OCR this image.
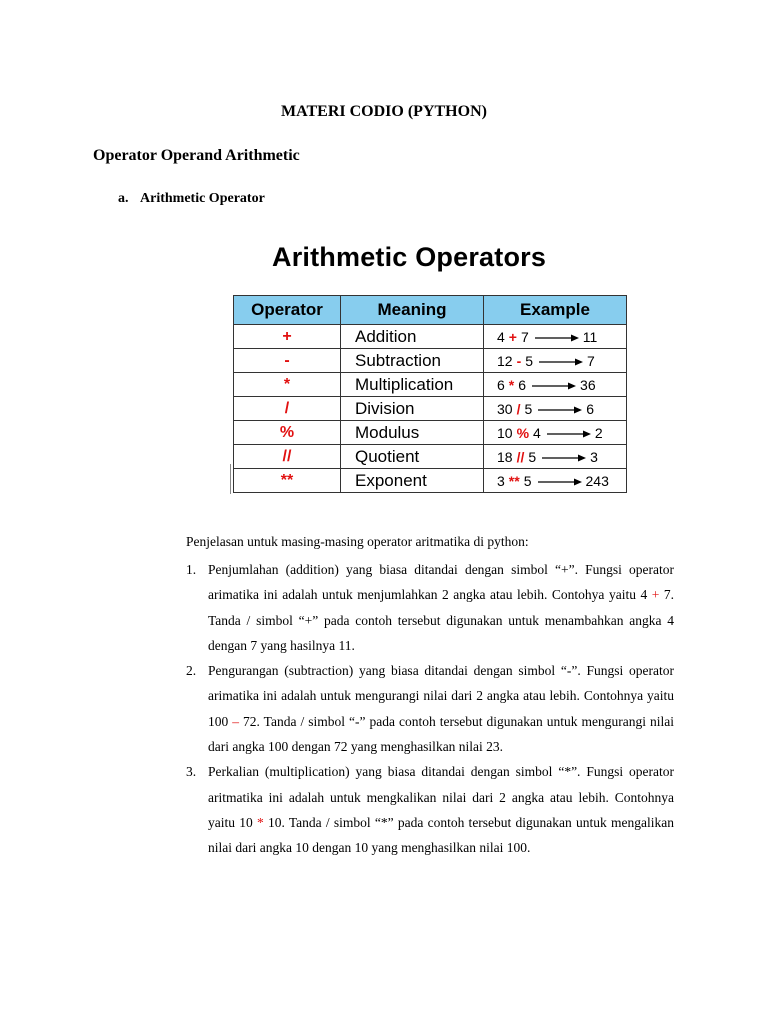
MATERI CODIO (PYTHON)
Operator Operand Arithmetic
a. Arithmetic Operator
Arithmetic Operators
Operator	Meaning	Example
+	Addition	4 + 7 11
-	Subtraction	12 - 5 7
*	Multiplication	6 * 6 36
/	Division	30 / 5 6
%	Modulus	10 % 4 2
//	Quotient	18 // 5 3
**	Exponent	3 ** 5 243
Penjelasan untuk masing-masing operator aritmatika di python:
1. Penjumlahan (addition) yang biasa ditandai dengan simbol “+”. Fungsi operator arimatika ini adalah untuk menjumlahkan 2 angka atau lebih. Contohya yaitu 4 + 7. Tanda / simbol “+” pada contoh tersebut digunakan untuk menambahkan angka 4 dengan 7 yang hasilnya 11.
2. Pengurangan (subtraction) yang biasa ditandai dengan simbol “-”. Fungsi operator arimatika ini adalah untuk mengurangi nilai dari 2 angka atau lebih. Contohnya yaitu 100 – 72. Tanda / simbol “-” pada contoh tersebut digunakan untuk mengurangi nilai dari angka 100 dengan 72 yang menghasilkan nilai 23.
3. Perkalian (multiplication) yang biasa ditandai dengan simbol “*”. Fungsi operator aritmatika ini adalah untuk mengkalikan nilai dari 2 angka atau lebih. Contohnya yaitu 10 * 10. Tanda / simbol “*” pada contoh tersebut digunakan untuk mengalikan nilai dari angka 10 dengan 10 yang menghasilkan nilai 100.
